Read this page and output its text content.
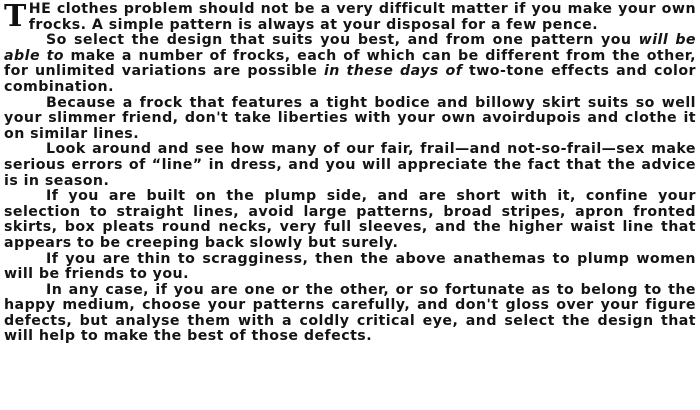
THE clothes problem should not be a very difficult matter if you make your own frocks. A simple pattern is always at your disposal for a few pence.

So select the design that suits you best, and from one pattern you will be able to make a number of frocks, each of which can be different from the other, for unlimited variations are possible in these days of two-tone effects and color combination.

Because a frock that features a tight bodice and billowy skirt suits so well your slimmer friend, don't take liberties with your own avoirdupois and clothe it on similar lines.

Look around and see how many of our fair, frail—and not-so-frail—sex make serious errors of “line” in dress, and you will appreciate the fact that the advice is in season.

If you are built on the plump side, and are short with it, confine your selection to straight lines, avoid large patterns, broad stripes, apron fronted skirts, box pleats round necks, very full sleeves, and the higher waist line that appears to be creeping back slowly but surely.

If you are thin to scragginess, then the above anathemas to plump women will be friends to you.

In any case, if you are one or the other, or so fortunate as to belong to the happy medium, choose your patterns carefully, and don't gloss over your figure defects, but analyse them with a coldly critical eye, and select the design that will help to make the best of those defects.
